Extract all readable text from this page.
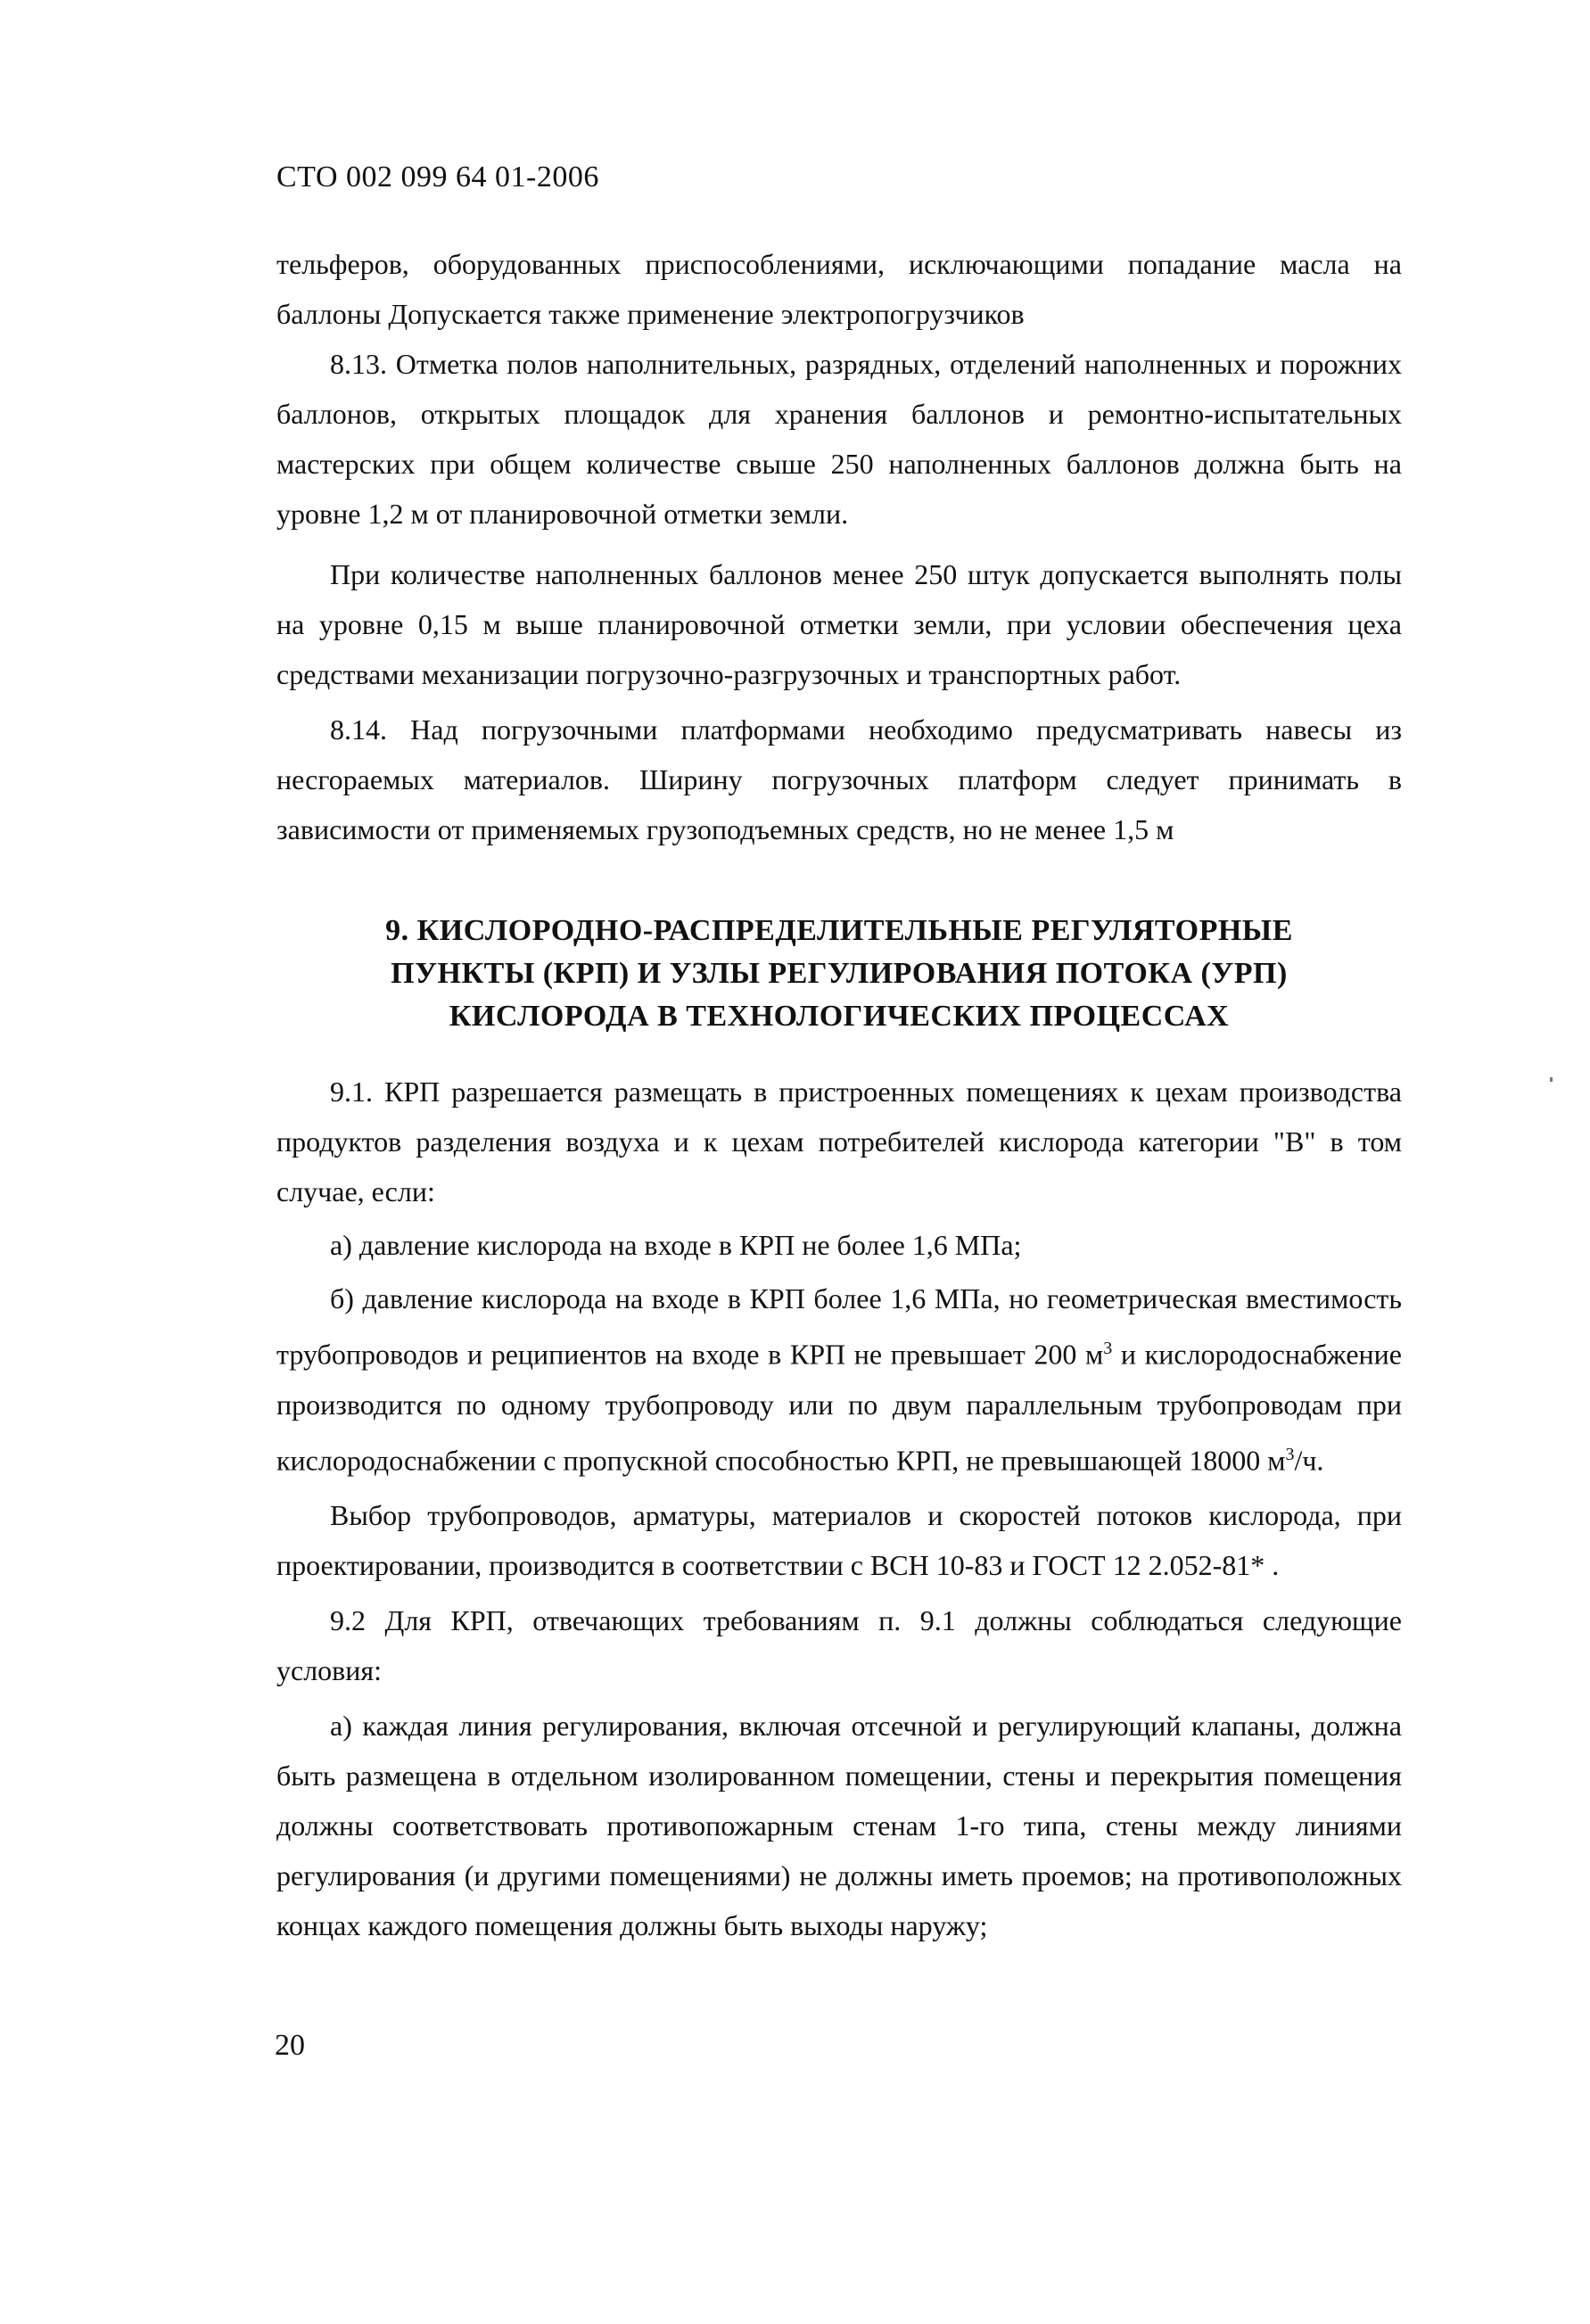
СТО 002 099 64 01-2006

тельферов, оборудованных приспособлениями, исключающими попадание масла на баллоны Допускается также применение электропогрузчиков

8.13. Отметка полов наполнительных, разрядных, отделений наполненных и порожних баллонов, открытых площадок для хранения баллонов и ремонтно-испытательных мастерских при общем количестве свыше 250 наполненных баллонов должна быть на уровне 1,2 м от планировочной отметки земли.

При количестве наполненных баллонов менее 250 штук допускается выполнять полы на уровне 0,15 м выше планировочной отметки земли, при условии обеспечения цеха средствами механизации погрузочно-разгрузочных и транспортных работ.

8.14. Над погрузочными платформами необходимо предусматривать навесы из несгораемых материалов. Ширину погрузочных платформ следует принимать в зависимости от применяемых грузоподъемных средств, но не менее 1,5 м

9. КИСЛОРОДНО-РАСПРЕДЕЛИТЕЛЬНЫЕ РЕГУЛЯТОРНЫЕ
ПУНКТЫ (КРП) И УЗЛЫ РЕГУЛИРОВАНИЯ ПОТОКА (УРП)
КИСЛОРОДА В ТЕХНОЛОГИЧЕСКИХ ПРОЦЕССАХ

9.1. КРП разрешается размещать в пристроенных помещениях к цехам производства продуктов разделения воздуха и к цехам потребителей кислорода категории "В" в том случае, если:

а) давление кислорода на входе в КРП не более 1,6 МПа;

б) давление кислорода на входе в КРП более 1,6 МПа, но геометрическая вместимость трубопроводов и реципиентов на входе в КРП не превышает 200 $м^3$ и кислородоснабжение производится по одному трубопроводу или по двум параллельным трубопроводам при кислородоснабжении с пропускной способностью КРП, не превышающей 18000 $м^3/ч$.

Выбор трубопроводов, арматуры, материалов и скоростей потоков кислорода, при проектировании, производится в соответствии с ВСН 10-83 и ГОСТ 12 2.052-81* .

9.2 Для КРП, отвечающих требованиям п. 9.1 должны соблюдаться следующие условия:

а) каждая линия регулирования, включая отсечной и регулирующий клапаны, должна быть размещена в отдельном изолированном помещении, стены и перекрытия помещения должны соответствовать противопожарным стенам 1-го типа, стены между линиями регулирования (и другими помещениями) не должны иметь проемов; на противоположных концах каждого помещения должны быть выходы наружу;

20
